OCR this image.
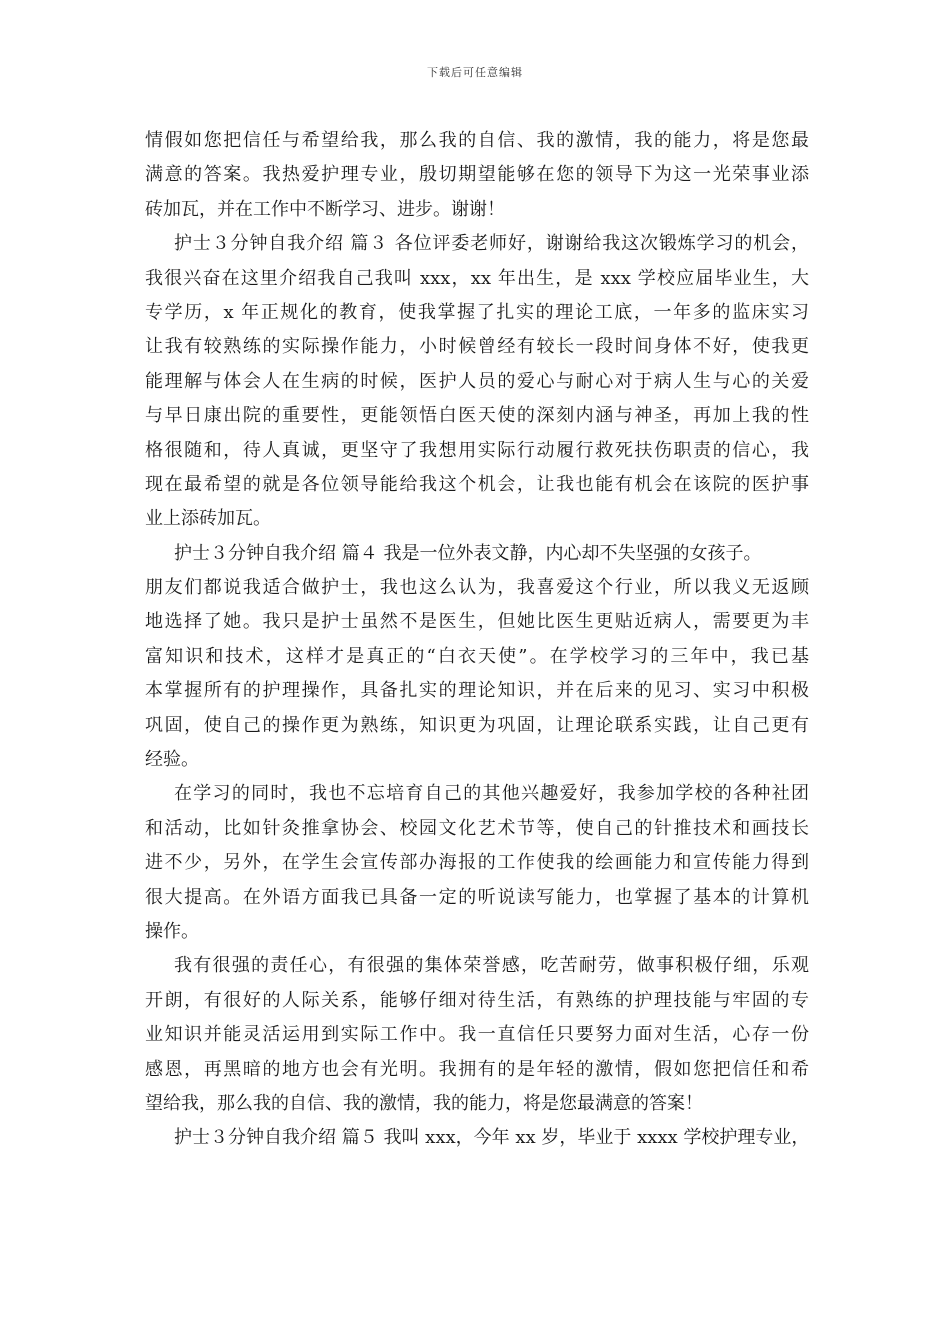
下载后可任意编辑
情假如您把信任与希望给我，那么我的自信、我的激情，我的能力，将是您最
满意的答案。我热爱护理专业，殷切期望能够在您的领导下为这一光荣事业添
砖加瓦，并在工作中不断学习、进步。谢谢！
护士３分钟自我介绍 篇３ 各位评委老师好，谢谢给我这次锻炼学习的机会，
我很兴奋在这里介绍我自己我叫 xxx，xx 年出生，是 xxx 学校应届毕业生，大
专学历，x 年正规化的教育，使我掌握了扎实的理论工底，一年多的监床实习
让我有较熟练的实际操作能力，小时候曾经有较长一段时间身体不好，使我更
能理解与体会人在生病的时候，医护人员的爱心与耐心对于病人生与心的关爱
与早日康出院的重要性，更能领悟白医天使的深刻内涵与神圣，再加上我的性
格很随和，待人真诚，更坚守了我想用实际行动履行救死扶伤职责的信心，我
现在最希望的就是各位领导能给我这个机会，让我也能有机会在该院的医护事
业上添砖加瓦。
护士３分钟自我介绍 篇４ 我是一位外表文静，内心却不失坚强的女孩子。
朋友们都说我适合做护士，我也这么认为，我喜爱这个行业，所以我义无返顾
地选择了她。我只是护士虽然不是医生，但她比医生更贴近病人，需要更为丰
富知识和技术，这样才是真正的“白衣天使”。在学校学习的三年中，我已基
本掌握所有的护理操作，具备扎实的理论知识，并在后来的见习、实习中积极
巩固，使自己的操作更为熟练，知识更为巩固，让理论联系实践，让自己更有
经验。
在学习的同时，我也不忘培育自己的其他兴趣爱好，我参加学校的各种社团
和活动，比如针灸推拿协会、校园文化艺术节等，使自己的针推技术和画技长
进不少，另外，在学生会宣传部办海报的工作使我的绘画能力和宣传能力得到
很大提高。在外语方面我已具备一定的听说读写能力，也掌握了基本的计算机
操作。
我有很强的责任心，有很强的集体荣誉感，吃苦耐劳，做事积极仔细，乐观
开朗，有很好的人际关系，能够仔细对待生活，有熟练的护理技能与牢固的专
业知识并能灵活运用到实际工作中。我一直信任只要努力面对生活，心存一份
感恩，再黑暗的地方也会有光明。我拥有的是年轻的激情，假如您把信任和希
望给我，那么我的自信、我的激情，我的能力，将是您最满意的答案！
护士３分钟自我介绍 篇５ 我叫 xxx，今年 xx 岁，毕业于 xxxx 学校护理专业，
